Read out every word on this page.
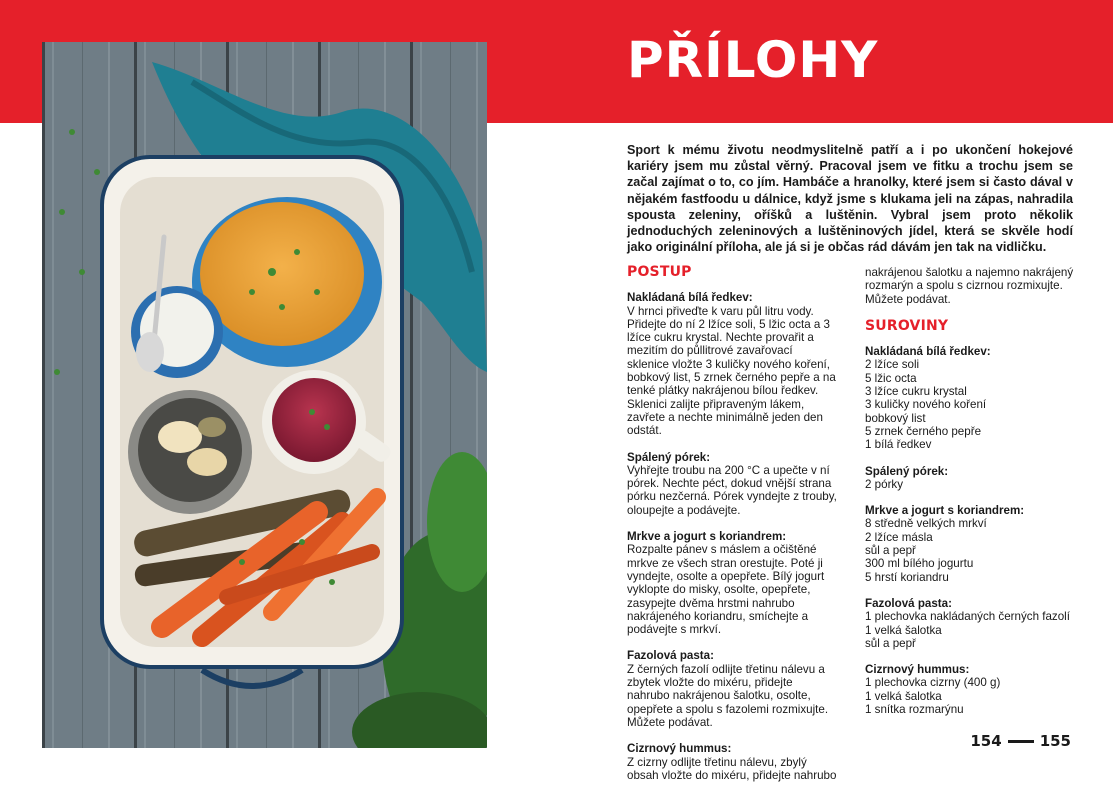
PŘÍLOHY

Sport k mému životu neodmyslitelně patří a i po ukončení hokejové kariéry jsem mu zůstal věrný. Pracoval jsem ve fitku a trochu jsem se začal zajímat o to, co jím. Hambáče a hranolky, které jsem si často dával v nějakém fastfoodu u dálnice, když jsme s klukama jeli na zápas, nahradila spousta zeleniny, oříšků a luštěnin. Vybral jsem proto několik jednoduchých zeleninových a luštěninových jídel, která se skvěle hodí jako originální příloha, ale já si je občas rád dávám jen tak na vidličku.

POSTUP

Nakládaná bílá ředkev:

V hrnci přiveďte k varu půl litru vody. Přidejte do ní 2 lžíce soli, 5 lžic octa a 3 lžíce cukru krystal. Nechte provařit a mezitím do půllitrové zavařovací sklenice vložte 3 kuličky nového koření, bobkový list, 5 zrnek černého pepře a na tenké plátky nakrájenou bílou ředkev. Sklenici zalijte připraveným lákem, zavřete a nechte minimálně jeden den odstát.

Spálený pórek:

Vyhřejte troubu na 200 °C a upečte v ní pórek. Nechte péct, dokud vnější strana pórku nezčerná. Pórek vyndejte z trouby, oloupejte a podávejte.

Mrkve a jogurt s koriandrem:

Rozpalte pánev s máslem a očištěné mrkve ze všech stran orestujte. Poté ji vyndejte, osolte a opepřete. Bílý jogurt vyklopte do misky, osolte, opepřete, zasypejte dvěma hrstmi nahrubo nakrájeného koriandru, smíchejte a podávejte s mrkví.

Fazolová pasta:

Z černých fazolí odlijte třetinu nálevu a zbytek vložte do mixéru, přidejte nahrubo nakrájenou šalotku, osolte, opepřete a spolu s fazolemi rozmixujte. Můžete podávat.

Cizrnový hummus:

Z cizrny odlijte třetinu nálevu, zbylý obsah vložte do mixéru, přidejte nahrubo

nakrájenou šalotku a najemno nakrájený rozmarýn a spolu s cizrnou rozmixujte. Můžete podávat.

SUROVINY

Nakládaná bílá ředkev:

2 lžíce soli
5 lžic octa
3 lžíce cukru krystal
3 kuličky nového koření
bobkový list
5 zrnek černého pepře
1 bílá ředkev

Spálený pórek:

2 pórky

Mrkve a jogurt s koriandrem:

8 středně velkých mrkví
2 lžíce másla
sůl a pepř
300 ml bílého jogurtu
5 hrstí koriandru

Fazolová pasta:

1 plechovka nakládaných černých fazolí
1 velká šalotka
sůl a pepř

Cizrnový hummus:

1 plechovka cizrny (400 g)
1 velká šalotka
1 snítka rozmarýnu
154	155
